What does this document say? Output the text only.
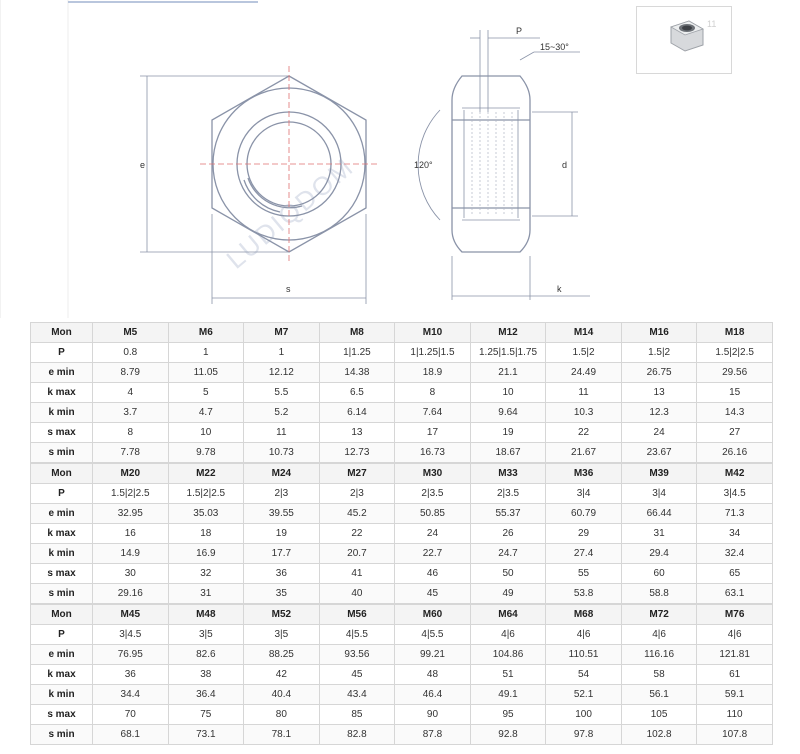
LUDIQDOM
e
s
P
15~30°
d
k
120°
11
Mon	M5	M6	M7	M8	M10	M12	M14	M16	M18
P	0.8	1	1	1|1.25	1|1.25|1.5	1.25|1.5|1.75	1.5|2	1.5|2	1.5|2|2.5
e min	8.79	11.05	12.12	14.38	18.9	21.1	24.49	26.75	29.56
k max	4	5	5.5	6.5	8	10	11	13	15
k min	3.7	4.7	5.2	6.14	7.64	9.64	10.3	12.3	14.3
s max	8	10	11	13	17	19	22	24	27
s min	7.78	9.78	10.73	12.73	16.73	18.67	21.67	23.67	26.16
Mon	M20	M22	M24	M27	M30	M33	M36	M39	M42
P	1.5|2|2.5	1.5|2|2.5	2|3	2|3	2|3.5	2|3.5	3|4	3|4	3|4.5
e min	32.95	35.03	39.55	45.2	50.85	55.37	60.79	66.44	71.3
k max	16	18	19	22	24	26	29	31	34
k min	14.9	16.9	17.7	20.7	22.7	24.7	27.4	29.4	32.4
s max	30	32	36	41	46	50	55	60	65
s min	29.16	31	35	40	45	49	53.8	58.8	63.1
Mon	M45	M48	M52	M56	M60	M64	M68	M72	M76
P	3|4.5	3|5	3|5	4|5.5	4|5.5	4|6	4|6	4|6	4|6
e min	76.95	82.6	88.25	93.56	99.21	104.86	110.51	116.16	121.81
k max	36	38	42	45	48	51	54	58	61
k min	34.4	36.4	40.4	43.4	46.4	49.1	52.1	56.1	59.1
s max	70	75	80	85	90	95	100	105	110
s min	68.1	73.1	78.1	82.8	87.8	92.8	97.8	102.8	107.8
